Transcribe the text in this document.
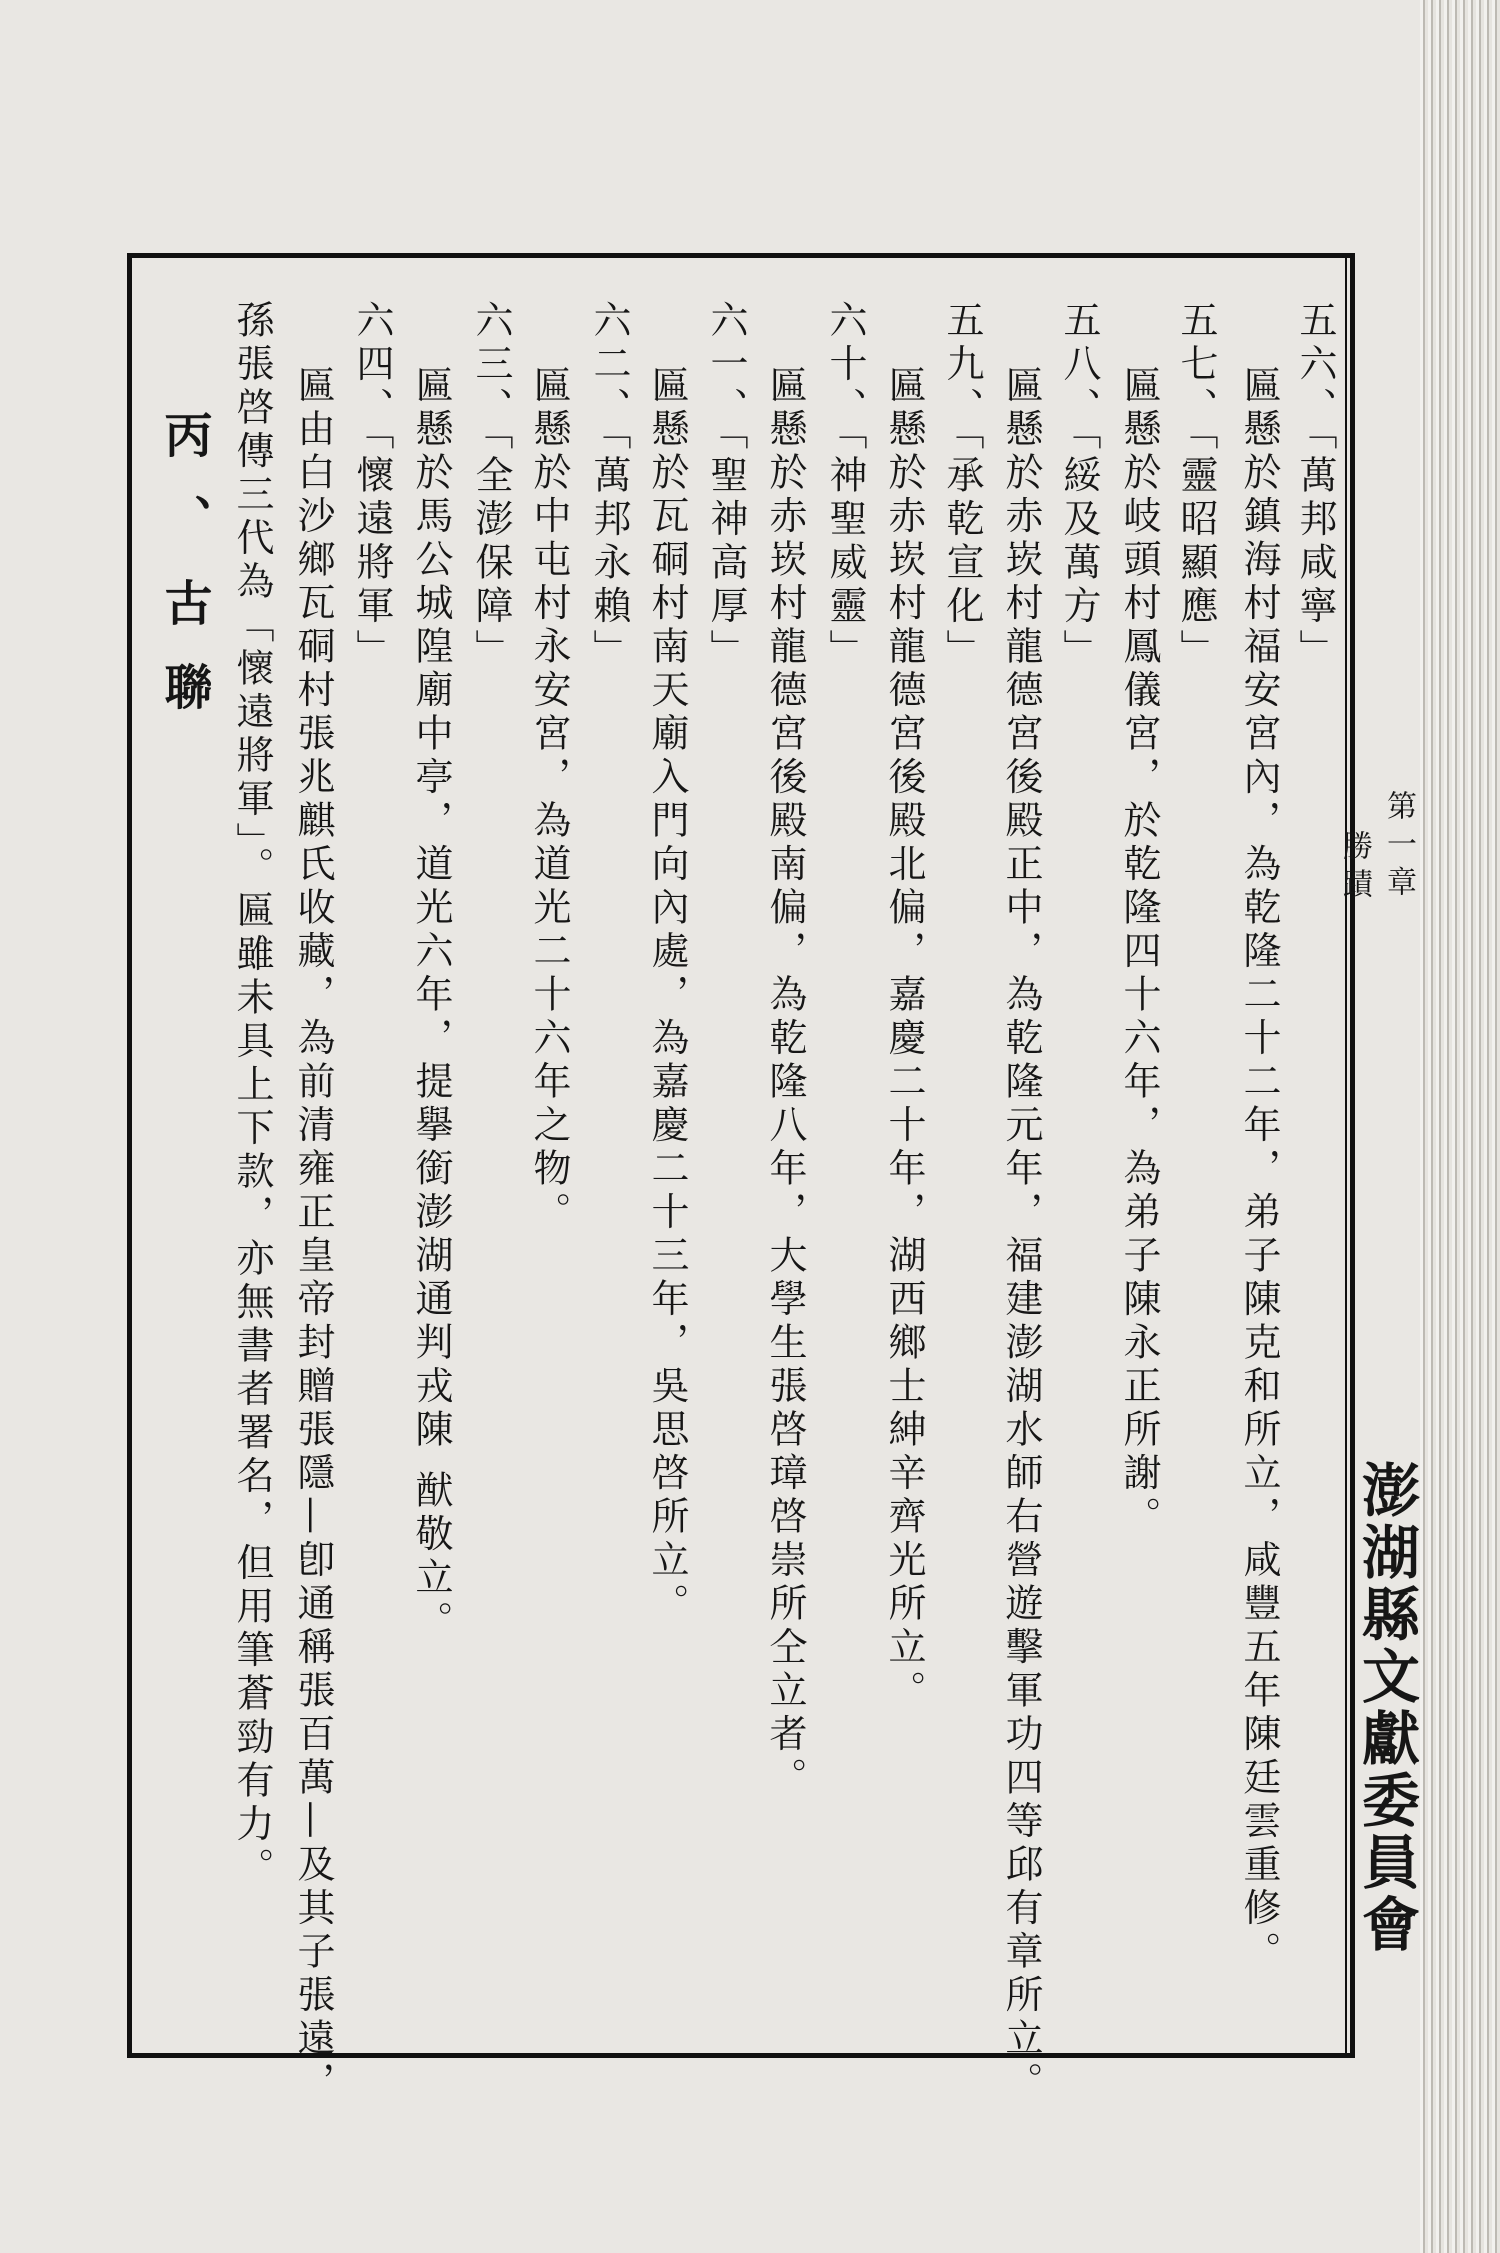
第一章
勝蹟
澎湖縣文獻委員會
五六、「萬邦咸寧」
匾懸於鎮海村福安宮內，為乾隆二十二年，弟子陳克和所立，咸豐五年陳廷雲重修。
五七、「靈昭顯應」
匾懸於岐頭村鳳儀宮，於乾隆四十六年，為弟子陳永正所謝。
五八、「綏及萬方」
匾懸於赤崁村龍德宮後殿正中，為乾隆元年，福建澎湖水師右營遊擊軍功四等邱有章所立。
五九、「承乾宣化」
匾懸於赤崁村龍德宮後殿北偏，嘉慶二十年，湖西鄉士紳辛齊光所立。
六十、「神聖威靈」
匾懸於赤崁村龍德宮後殿南偏，為乾隆八年，大學生張啓璋啓崇所仝立者。
六一、「聖神高厚」
匾懸於瓦硐村南天廟入門向內處，為嘉慶二十三年，吳思啓所立。
六二、「萬邦永賴」
匾懸於中屯村永安宮，為道光二十六年之物。
六三、「全澎保障」
匾懸於馬公城隍廟中亭，道光六年，提擧銜澎湖通判戎陳 猷敬立。
六四、「懷遠將軍」
匾由白沙鄉瓦硐村張兆麒氏收藏，為前清雍正皇帝封贈張隱—卽通稱張百萬—及其子張遠，
孫張啓傳三代為「懷遠將軍」。匾雖未具上下款，亦無書者署名，但用筆蒼勁有力。
丙、古聯
